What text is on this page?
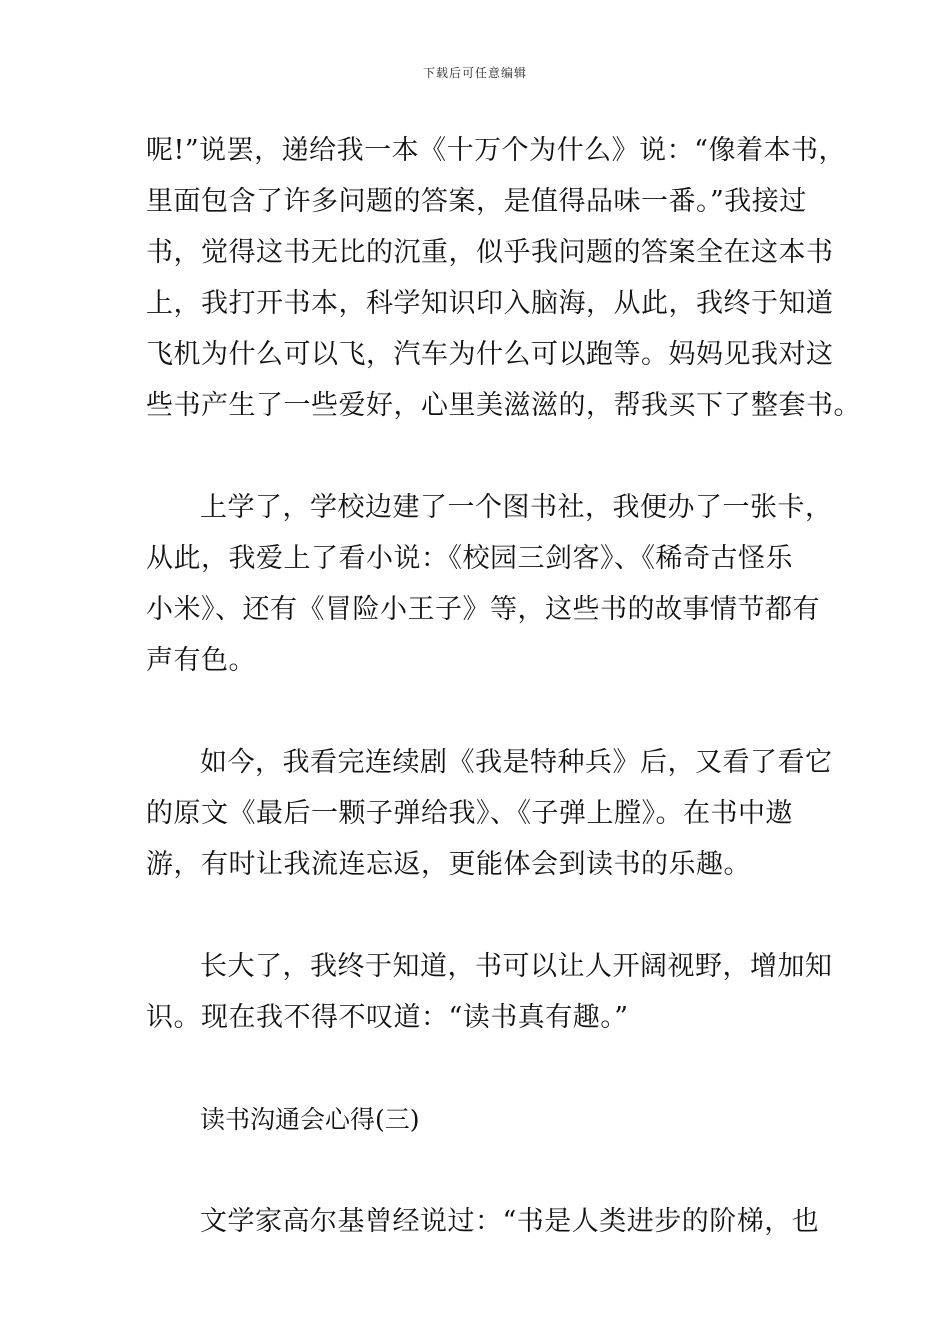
下载后可任意编辑
呢!”说罢，递给我一本《十万个为什么》说：“像着本书，
里面包含了许多问题的答案，是值得品味一番。”我接过
书，觉得这书无比的沉重，似乎我问题的答案全在这本书
上，我打开书本，科学知识印入脑海，从此，我终于知道
飞机为什么可以飞，汽车为什么可以跑等。妈妈见我对这
些书产生了一些爱好，心里美滋滋的，帮我买下了整套书。
上学了，学校边建了一个图书社，我便办了一张卡，
从此，我爱上了看小说：《校园三剑客》、《稀奇古怪乐
小米》、还有《冒险小王子》等，这些书的故事情节都有
声有色。
如今，我看完连续剧《我是特种兵》后，又看了看它
的原文《最后一颗子弹给我》、《子弹上膛》。在书中遨
游，有时让我流连忘返，更能体会到读书的乐趣。
长大了，我终于知道，书可以让人开阔视野，增加知
识。现在我不得不叹道：“读书真有趣。”
读书沟通会心得(三)
文学家高尔基曾经说过：“书是人类进步的阶梯，也
